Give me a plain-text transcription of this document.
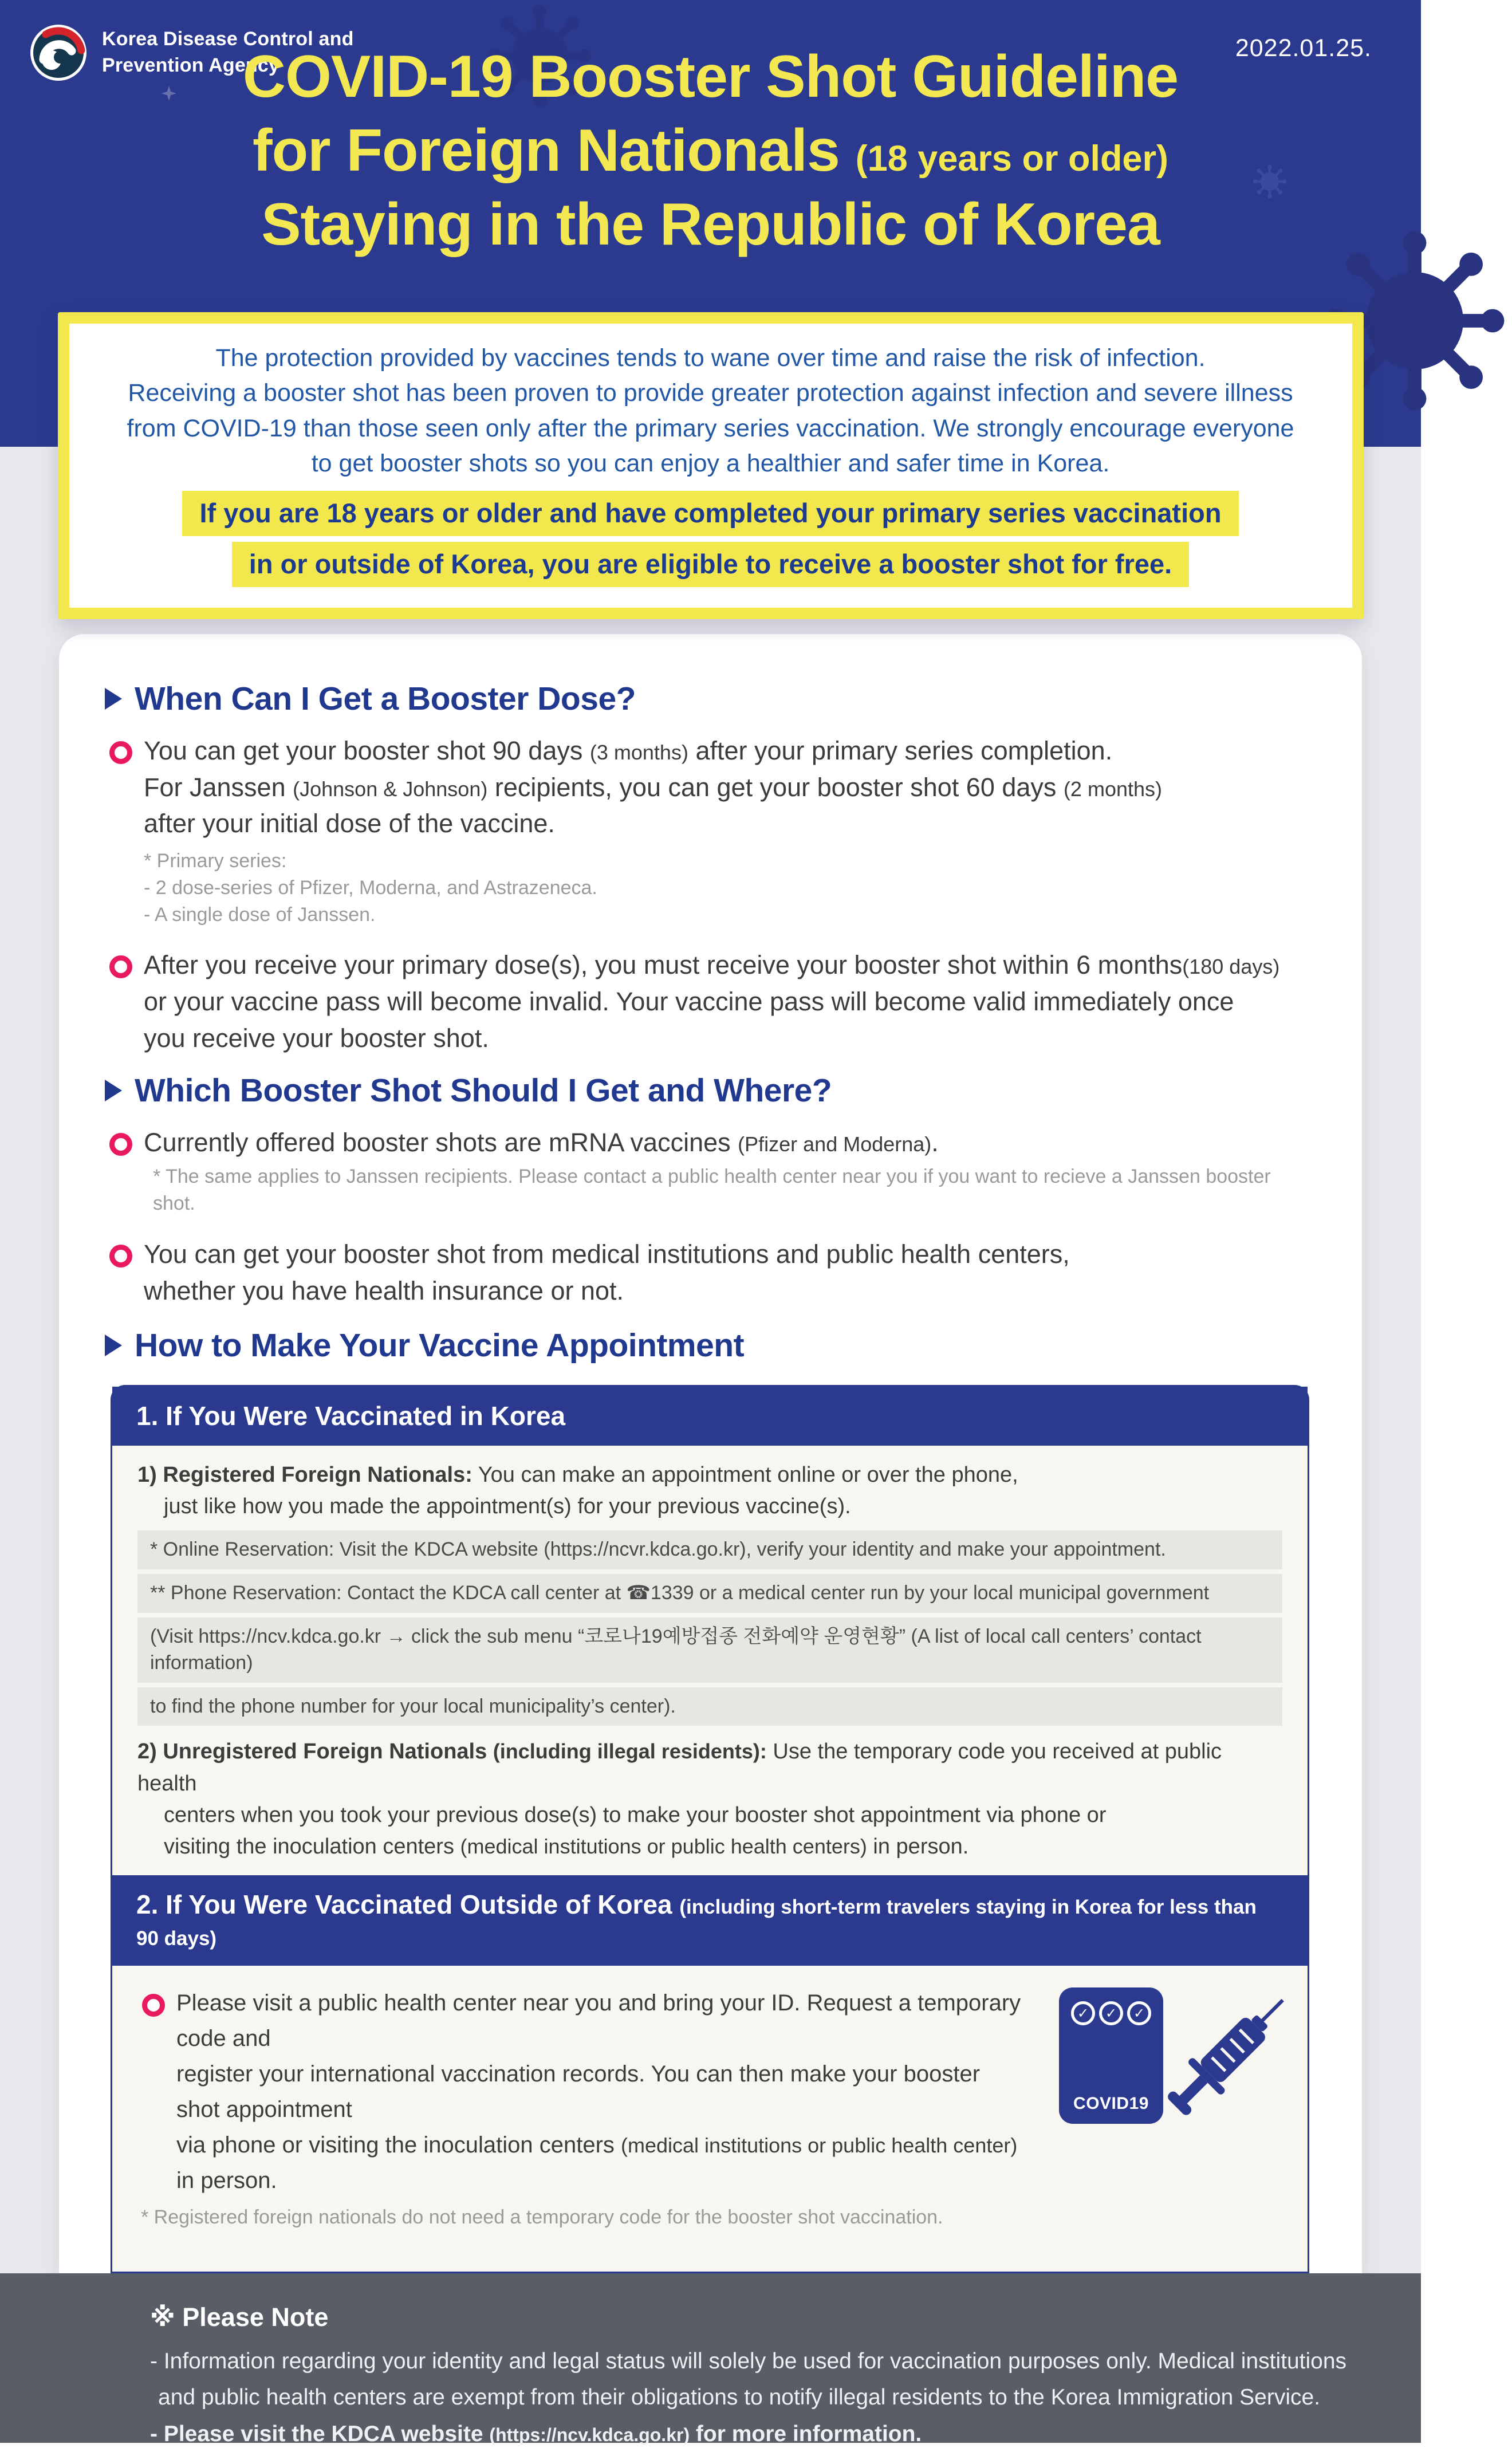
Korea Disease Control and
Prevention Agency
2022.01.25.
COVID-19 Booster Shot Guideline
for Foreign Nationals (18 years or older)
Staying in the Republic of Korea
The protection provided by vaccines tends to wane over time and raise the risk of infection.
Receiving a booster shot has been proven to provide greater protection against infection and severe illness
from COVID-19 than those seen only after the primary series vaccination. We strongly encourage everyone
to get booster shots so you can enjoy a healthier and safer time in Korea.
If you are 18 years or older and have completed your primary series vaccination
in or outside of Korea, you are eligible to receive a booster shot for free.
When Can I Get a Booster Dose?
You can get your booster shot 90 days (3 months) after your primary series completion.
For Janssen (Johnson & Johnson) recipients, you can get your booster shot 60 days (2 months)
after your initial dose of the vaccine.
* Primary series:
- 2 dose-series of Pfizer, Moderna, and Astrazeneca.
- A single dose of Janssen.
After you receive your primary dose(s), you must receive your booster shot within 6 months(180 days)
or your vaccine pass will become invalid. Your vaccine pass will become valid immediately once
you receive your booster shot.
Which Booster Shot Should I Get and Where?
Currently offered booster shots are mRNA vaccines (Pfizer and Moderna).
* The same applies to Janssen recipients. Please contact a public health center near you if you want to recieve a Janssen booster shot.
You can get your booster shot from medical institutions and public health centers,
whether you have health insurance or not.
How to Make Your Vaccine Appointment
1. If You Were Vaccinated in Korea
1) Registered Foreign Nationals: You can make an appointment online or over the phone,
just like how you made the appointment(s) for your previous vaccine(s).
* Online Reservation: Visit the KDCA website (https://ncvr.kdca.go.kr), verify your identity and make your appointment.
** Phone Reservation: Contact the KDCA call center at ☎1339 or a medical center run by your local municipal government
(Visit https://ncv.kdca.go.kr → click the sub menu “코로나19예방접종 전화예약 운영현황” (A list of local call centers’ contact information)
to find the phone number for your local municipality’s center).
2) Unregistered Foreign Nationals (including illegal residents): Use the temporary code you received at public health
centers when you took your previous dose(s) to make your booster shot appointment via phone or
visiting the inoculation centers (medical institutions or public health centers) in person.
2. If You Were Vaccinated Outside of Korea (including short-term travelers staying in Korea for less than 90 days)
Please visit a public health center near you and bring your ID. Request a temporary code and
register your international vaccination records. You can then make your booster shot appointment
via phone or visiting the inoculation centers (medical institutions or public health center) in person.
* Registered foreign nationals do not need a temporary code for the booster shot vaccination.
✓	✓	✓
COVID19
※ Please Note
- Information regarding your identity and legal status will solely be used for vaccination purposes only. Medical institutions
and public health centers are exempt from their obligations to notify illegal residents to the Korea Immigration Service.
- Please visit the KDCA website (https://ncv.kdca.go.kr) for more information.
